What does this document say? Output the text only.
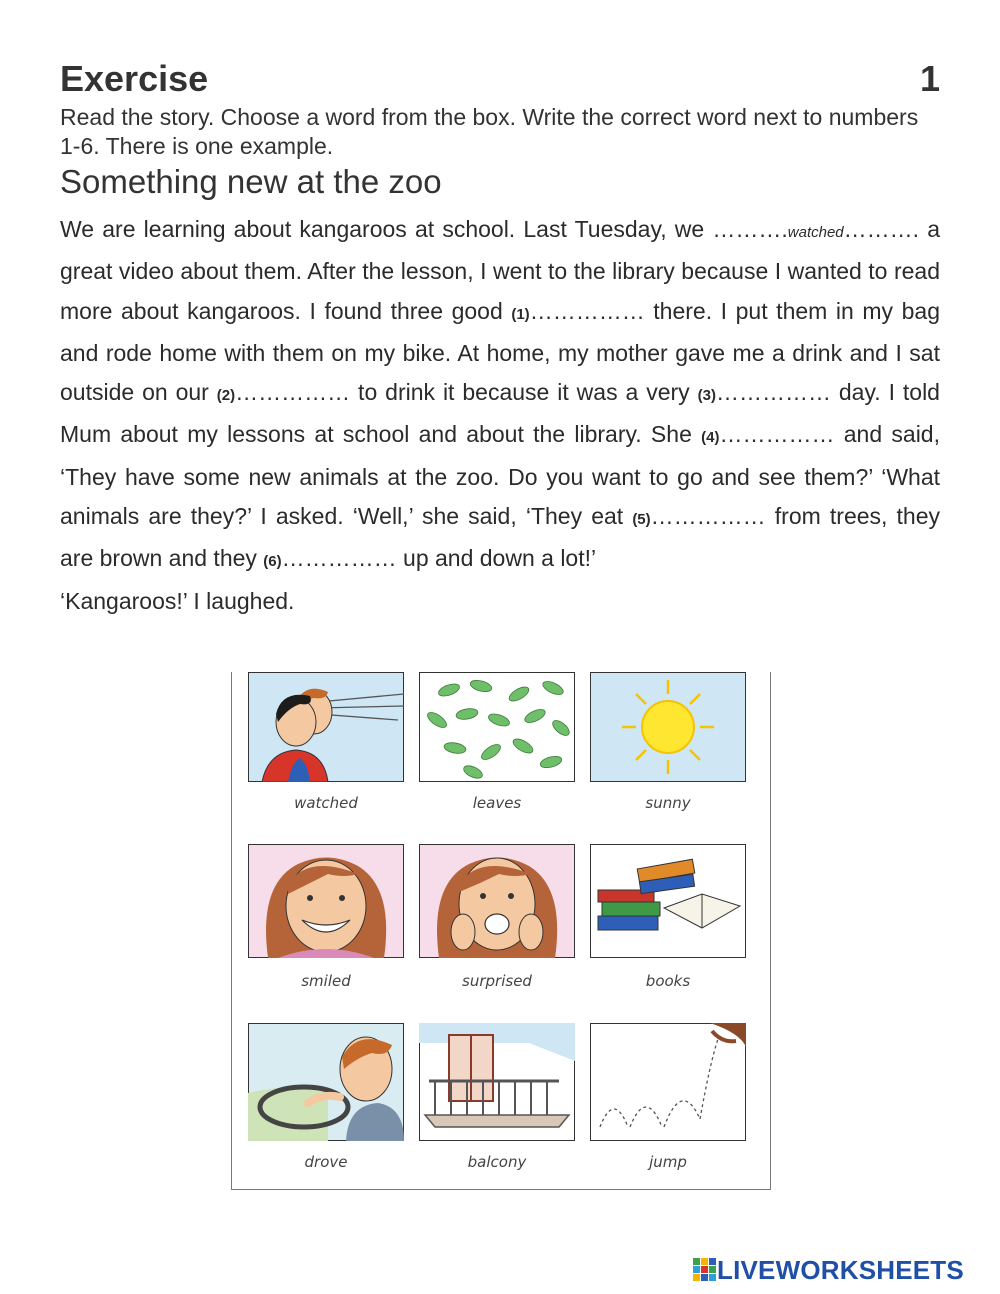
Exercise	1
Read the story. Choose a word from the box. Write the correct word next to numbers 1-6. There is one example.
Something new at the zoo

We are learning about kangaroos at school. Last Tuesday, we ……….watched………. a great video about them. After the lesson, I went to the library because I wanted to read more about kangaroos. I found three good (1)…………… there. I put them in my bag and rode home with them on my bike. At home, my mother gave me a drink and I sat outside on our (2)…………… to drink it because it was a very (3)…………… day. I told Mum about my lessons at school and about the library. She (4)…………… and said, ‘They have some new animals at the zoo. Do you want to go and see them?’ ‘What animals are they?’ I asked. ‘Well,’ she said, ‘They eat (5)…………… from trees, they are brown and they (6)…………… up and down a lot!’

‘Kangaroos!’ I laughed.

watched	leaves	sunny
smiled	surprised	books
drove	balcony	jump
LIVEWORKSHEETS
